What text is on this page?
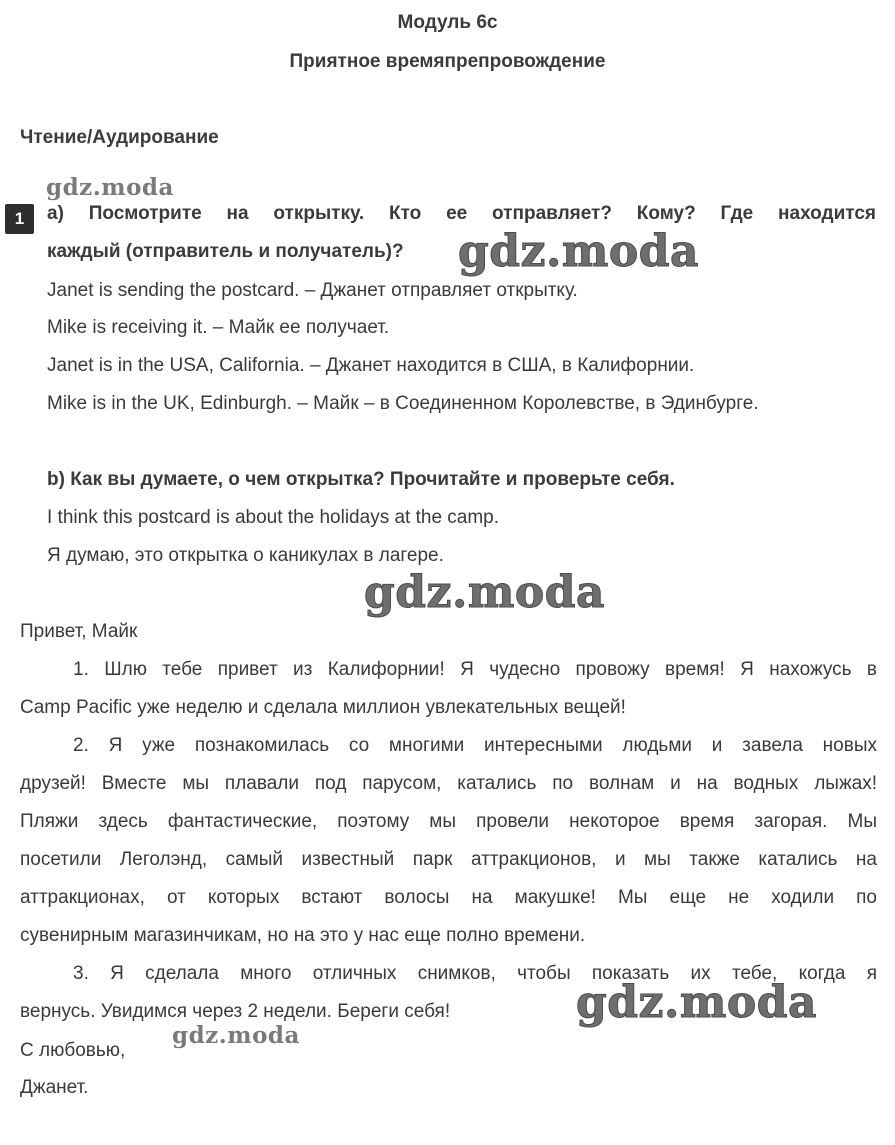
Модуль 6с
Приятное времяпрепровождение
Чтение/Аудирование
gdz.moda
1	a) Посмотрите на открытку. Кто ее отправляет? Кому? Где находится
каждый (отправитель и получатель)? gdz.moda
Janet is sending the postcard. – Джанет отправляет открытку.
Mike is receiving it. – Майк ее получает.
Janet is in the USA, California. – Джанет находится в США, в Калифорнии.
Mike is in the UK, Edinburgh. – Майк – в Соединенном Королевстве, в Эдинбурге.
b) Как вы думаете, о чем открытка? Прочитайте и проверьте себя.
I think this postcard is about the holidays at the camp.
Я думаю, это открытка о каникулах в лагере.
gdz.moda
Привет, Майк
1. Шлю тебе привет из Калифорнии! Я чудесно провожу время! Я нахожусь в
Camp Pacific уже неделю и сделала миллион увлекательных вещей!
2. Я уже познакомилась со многими интересными людьми и завела новых
друзей! Вместе мы плавали под парусом, катались по волнам и на водных лыжах!
Пляжи здесь фантастические, поэтому мы провели некоторое время загорая. Мы
посетили Леголэнд, самый известный парк аттракционов, и мы также катались на
аттракционах, от которых встают волосы на макушке! Мы еще не ходили по
сувенирным магазинчикам, но на это у нас еще полно времени.
3. Я сделала много отличных снимков, чтобы показать их тебе, когда я
вернусь. Увидимся через 2 недели. Береги себя!	gdz.moda
С любовью,
gdz.moda
Джанет.
